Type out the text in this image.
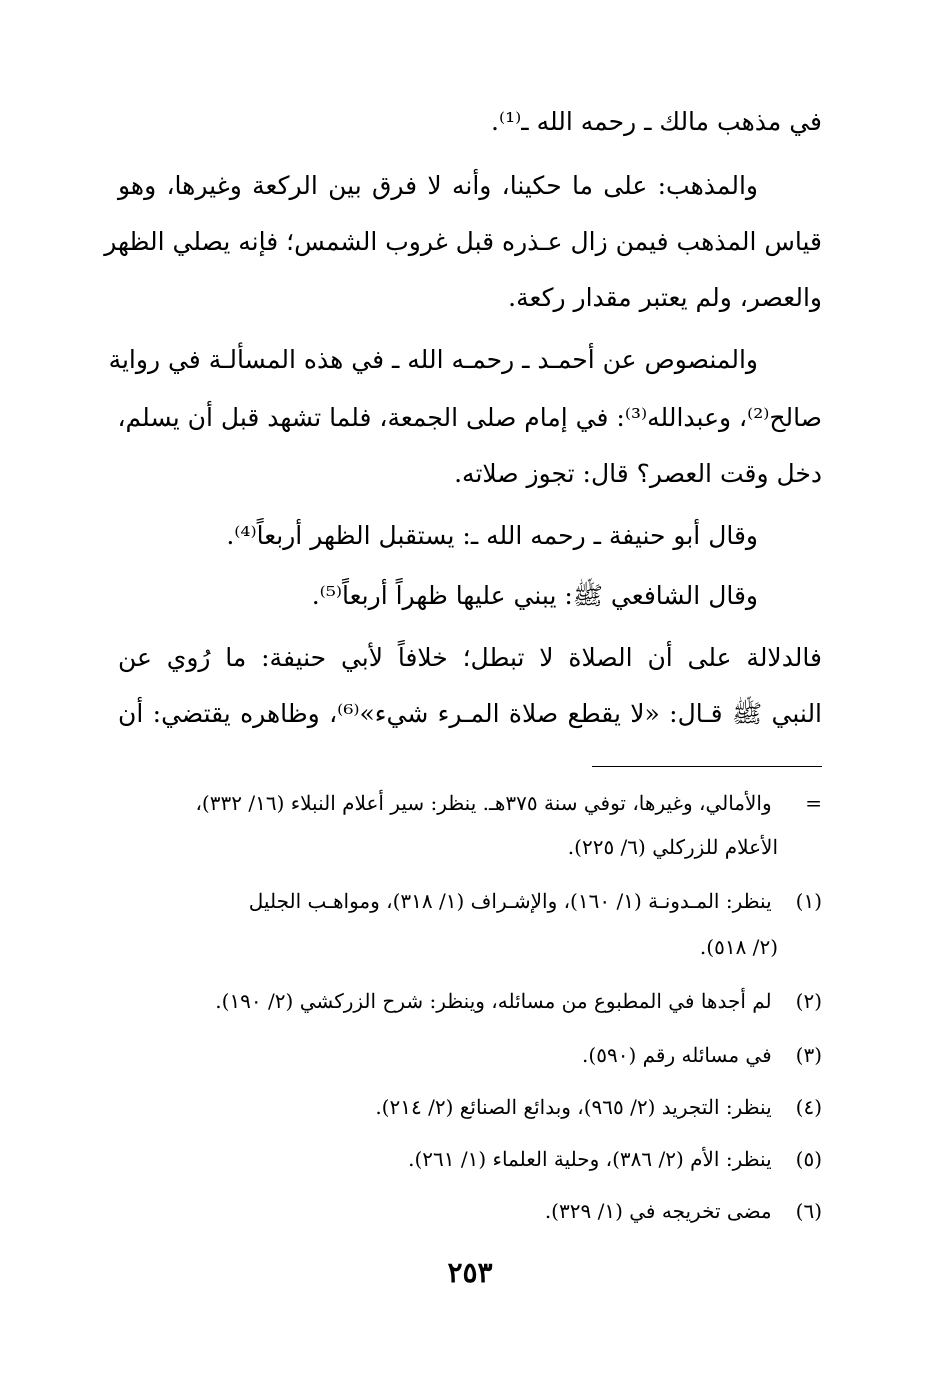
في مذهب مالك ـ رحمه الله ـ⁽¹⁾.
والمذهب: على ما حكينا، وأنه لا فرق بين الركعة وغيرها، وهو
قياس المذهب فيمن زال عـذره قبل غروب الشمس؛ فإنه يصلي الظهر
والعصر، ولم يعتبر مقدار ركعة.
والمنصوص عن أحمـد ـ رحمـه الله ـ في هذه المسألـة في رواية
صالح⁽²⁾، وعبدالله⁽³⁾: في إمام صلى الجمعة، فلما تشهد قبل أن يسلم،
دخل وقت العصر؟ قال: تجوز صلاته.
وقال أبو حنيفة ـ رحمه الله ـ: يستقبل الظهر أربعاً⁽⁴⁾.
وقال الشافعي ﷺ: يبني عليها ظهراً أربعاً⁽⁵⁾.
فالدلالة على أن الصلاة لا تبطل؛ خلافاً لأبي حنيفة: ما رُوي عن
النبي ﷺ قـال: «لا يقطع صلاة المـرء شيء»⁽⁶⁾، وظاهره يقتضي: أن
= والأمالي، وغيرها، توفي سنة ٣٧٥هـ. ينظر: سير أعلام النبلاء (١٦/ ٣٣٢)،
الأعلام للزركلي (٦/ ٢٢٥).
(١) ينظر: المـدونـة (١/ ١٦٠)، والإشـراف (١/ ٣١٨)، ومواهـب الجليل
(٢/ ٥١٨).
(٢) لم أجدها في المطبوع من مسائله، وينظر: شرح الزركشي (٢/ ١٩٠).
(٣) في مسائله رقم (٥٩٠).
(٤) ينظر: التجريد (٢/ ٩٦٥)، وبدائع الصنائع (٢/ ٢١٤).
(٥) ينظر: الأم (٢/ ٣٨٦)، وحلية العلماء (١/ ٢٦١).
(٦) مضى تخريجه في (١/ ٣٢٩).
٢٥٣
